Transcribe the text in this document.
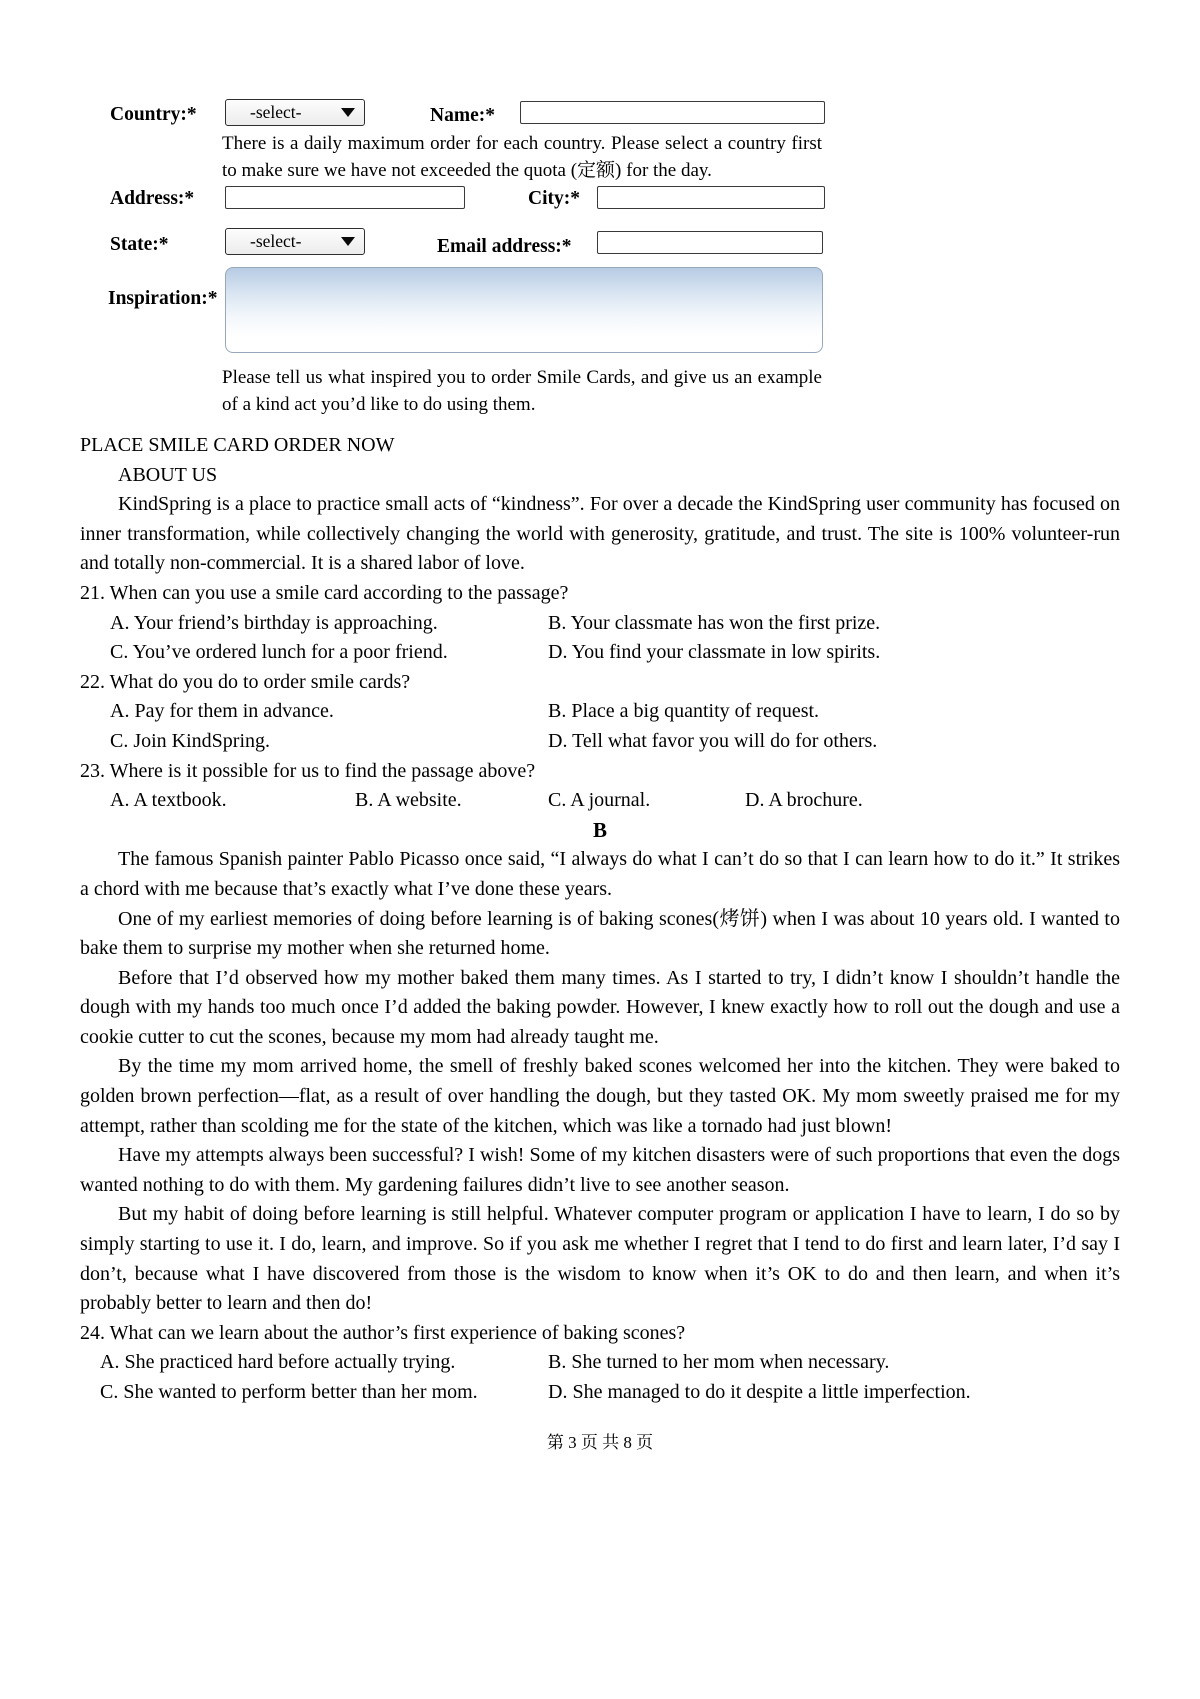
Country:*	-select-	Name:*
There is a daily maximum order for each country. Please select a country first to make sure we have not exceeded the quota (定额) for the day.
Address:*	City:*
State:*	-select-	Email address:*
Inspiration:*
Please tell us what inspired you to order Smile Cards, and give us an example of a kind act you’d like to do using them.
PLACE SMILE CARD ORDER NOW
ABOUT US

KindSpring is a place to practice small acts of “kindness”. For over a decade the KindSpring user community has focused on inner transformation, while collectively changing the world with generosity, gratitude, and trust. The site is 100% volunteer-run and totally non-commercial. It is a shared labor of love.

21. When can you use a smile card according to the passage?
A. Your friend’s birthday is approaching.	B. Your classmate has won the first prize.
C. You’ve ordered lunch for a poor friend.	D. You find your classmate in low spirits.
22. What do you do to order smile cards?
A. Pay for them in advance.	B. Place a big quantity of request.
C. Join KindSpring.	D. Tell what favor you will do for others.
23. Where is it possible for us to find the passage above?
A. A textbook.	B. A website.	C. A journal.	D. A brochure.
B

The famous Spanish painter Pablo Picasso once said, “I always do what I can’t do so that I can learn how to do it.” It strikes a chord with me because that’s exactly what I’ve done these years.

One of my earliest memories of doing before learning is of baking scones(烤饼) when I was about 10 years old. I wanted to bake them to surprise my mother when she returned home.

Before that I’d observed how my mother baked them many times. As I started to try, I didn’t know I shouldn’t handle the dough with my hands too much once I’d added the baking powder. However, I knew exactly how to roll out the dough and use a cookie cutter to cut the scones, because my mom had already taught me.

By the time my mom arrived home, the smell of freshly baked scones welcomed her into the kitchen. They were baked to golden brown perfection—flat, as a result of over handling the dough, but they tasted OK. My mom sweetly praised me for my attempt, rather than scolding me for the state of the kitchen, which was like a tornado had just blown!

Have my attempts always been successful? I wish! Some of my kitchen disasters were of such proportions that even the dogs wanted nothing to do with them. My gardening failures didn’t live to see another season.

But my habit of doing before learning is still helpful. Whatever computer program or application I have to learn, I do so by simply starting to use it. I do, learn, and improve. So if you ask me whether I regret that I tend to do first and learn later, I’d say I don’t, because what I have discovered from those is the wisdom to know when it’s OK to do and then learn, and when it’s probably better to learn and then do!

24. What can we learn about the author’s first experience of baking scones?
A. She practiced hard before actually trying.	B. She turned to her mom when necessary.
C. She wanted to perform better than her mom.	D. She managed to do it despite a little imperfection.
第 3 页 共 8 页
